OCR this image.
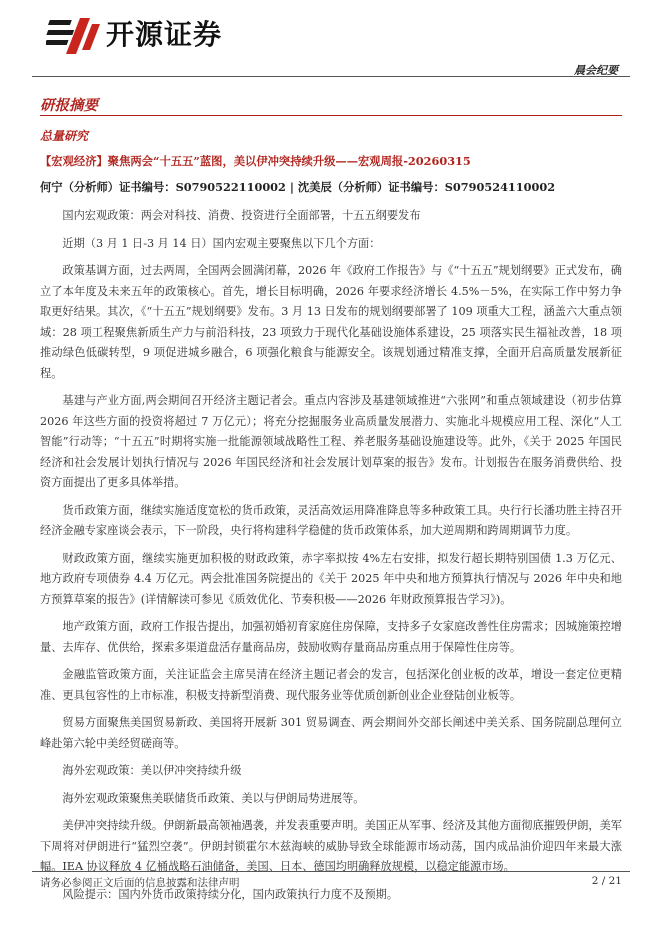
开源证券
晨会纪要
研报摘要
总量研究
【宏观经济】聚焦两会“十五五”蓝图，美以伊冲突持续升级——宏观周报-20260315
何宁（分析师）证书编号：S0790522110002 | 沈美辰（分析师）证书编号：S0790524110002

国内宏观政策：两会对科技、消费、投资进行全面部署，十五五纲要发布

近期（3 月 1 日-3 月 14 日）国内宏观主要聚焦以下几个方面：

政策基调方面，过去两周，全国两会圆满闭幕，2026 年《政府工作报告》与《“十五五”规划纲要》正式发布，确立了本年度及未来五年的政策核心。首先，增长目标明确，2026 年要求经济增长 4.5%－5%，在实际工作中努力争取更好结果。其次，《“十五五”规划纲要》发布。3 月 13 日发布的规划纲要部署了 109 项重大工程，涵盖六大重点领域：28 项工程聚焦新质生产力与前沿科技，23 项致力于现代化基础设施体系建设，25 项落实民生福祉改善，18 项推动绿色低碳转型，9 项促进城乡融合，6 项强化粮食与能源安全。该规划通过精准支撑，全面开启高质量发展新征程。

基建与产业方面,两会期间召开经济主题记者会。重点内容涉及基建领域推进“六张网”和重点领域建设（初步估算 2026 年这些方面的投资将超过 7 万亿元）；将充分挖掘服务业高质量发展潜力、实施北斗规模应用工程、深化“人工智能”行动等；“十五五”时期将实施一批能源领域战略性工程、养老服务基础设施建设等。此外，《关于 2025 年国民经济和社会发展计划执行情况与 2026 年国民经济和社会发展计划草案的报告》发布。计划报告在服务消费供给、投资方面提出了更多具体举措。

货币政策方面，继续实施适度宽松的货币政策，灵活高效运用降准降息等多种政策工具。央行行长潘功胜主持召开经济金融专家座谈会表示，下一阶段，央行将构建科学稳健的货币政策体系，加大逆周期和跨周期调节力度。

财政政策方面，继续实施更加积极的财政政策，赤字率拟按 4%左右安排，拟发行超长期特别国债 1.3 万亿元、地方政府专项债券 4.4 万亿元。两会批准国务院提出的《关于 2025 年中央和地方预算执行情况与 2026 年中央和地方预算草案的报告》(详情解读可参见《质效优化、节奏积极——2026 年财政预算报告学习》)。

地产政策方面，政府工作报告提出，加强初婚初育家庭住房保障，支持多子女家庭改善性住房需求；因城施策控增量、去库存、优供给，探索多渠道盘活存量商品房，鼓励收购存量商品房重点用于保障性住房等。

金融监管政策方面，关注证监会主席吴清在经济主题记者会的发言，包括深化创业板的改革，增设一套定位更精准、更具包容性的上市标准，积极支持新型消费、现代服务业等优质创新创业企业登陆创业板等。

贸易方面聚焦美国贸易新政、美国将开展新 301 贸易调查、两会期间外交部长阐述中美关系、国务院副总理何立峰赴第六轮中美经贸磋商等。

海外宏观政策：美以伊冲突持续升级

海外宏观政策聚焦美联储货币政策、美以与伊朗局势进展等。

美伊冲突持续升级。伊朗新最高领袖遇袭，并发表重要声明。美国正从军事、经济及其他方面彻底摧毁伊朗，美军下周将对伊朗进行“猛烈空袭”。伊朗封锁霍尔木兹海峡的威胁导致全球能源市场动荡，国内成品油价迎四年来最大涨幅。IEA 协议释放 4 亿桶战略石油储备，美国、日本、德国均明确释放规模，以稳定能源市场。

风险提示：国内外货币政策持续分化，国内政策执行力度不及预期。

请务必参阅正文后面的信息披露和法律声明	2 / 21
